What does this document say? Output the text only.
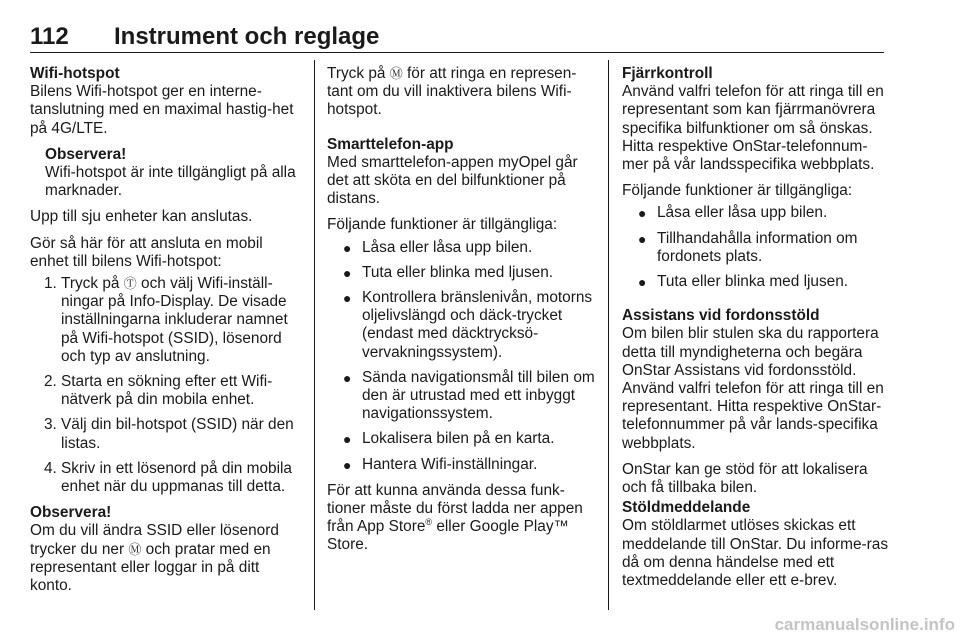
112 Instrument och reglage

Wifi-hotspot

Bilens Wifi-hotspot ger en interne-tanslutning med en maximal hastig-het på 4G/LTE.

Observera!
Wifi-hotspot är inte tillgängligt på alla marknader.

Upp till sju enheter kan anslutas.

Gör så här för att ansluta en mobil enhet till bilens Wifi-hotspot:

1. Tryck på Ⓣ och välj Wifi-inställ-ningar på Info-Display. De visade inställningarna inkluderar namnet på Wifi-hotspot (SSID), lösenord och typ av anslutning.
2. Starta en sökning efter ett Wifi-nätverk på din mobila enhet.
3. Välj din bil-hotspot (SSID) när den listas.
4. Skriv in ett lösenord på din mobila enhet när du uppmanas till detta.
Observera!
Om du vill ändra SSID eller lösenord trycker du ner Ⓜ och pratar med en representant eller loggar in på ditt konto.

Tryck på Ⓜ för att ringa en represen-tant om du vill inaktivera bilens Wifi-hotspot.

Smarttelefon-app

Med smarttelefon-appen myOpel går det att sköta en del bilfunktioner på distans.

Följande funktioner är tillgängliga:

● Låsa eller låsa upp bilen.
● Tuta eller blinka med ljusen.
● Kontrollera bränslenivån, motorns oljelivslängd och däck-trycket (endast med däcktrycksö-vervakningssystem).
● Sända navigationsmål till bilen om den är utrustad med ett inbyggt navigationssystem.
● Lokalisera bilen på en karta.
● Hantera Wifi-inställningar.

För att kunna använda dessa funk-tioner måste du först ladda ner appen från App Store® eller Google Play™ Store.

Fjärrkontroll

Använd valfri telefon för att ringa till en representant som kan fjärrmanövrera specifika bilfunktioner om så önskas. Hitta respektive OnStar-telefonnum-mer på vår landsspecifika webbplats.

Följande funktioner är tillgängliga:

● Låsa eller låsa upp bilen.
● Tillhandahålla information om fordonets plats.
● Tuta eller blinka med ljusen.

Assistans vid fordonsstöld

Om bilen blir stulen ska du rapportera detta till myndigheterna och begära OnStar Assistans vid fordonsstöld. Använd valfri telefon för att ringa till en representant. Hitta respektive OnStar-telefonnummer på vår lands-specifika webbplats.

OnStar kan ge stöd för att lokalisera och få tillbaka bilen.

Stöldmeddelande

Om stöldlarmet utlöses skickas ett meddelande till OnStar. Du informe-ras då om denna händelse med ett textmeddelande eller ett e-brev.

carmanualsonline.info
